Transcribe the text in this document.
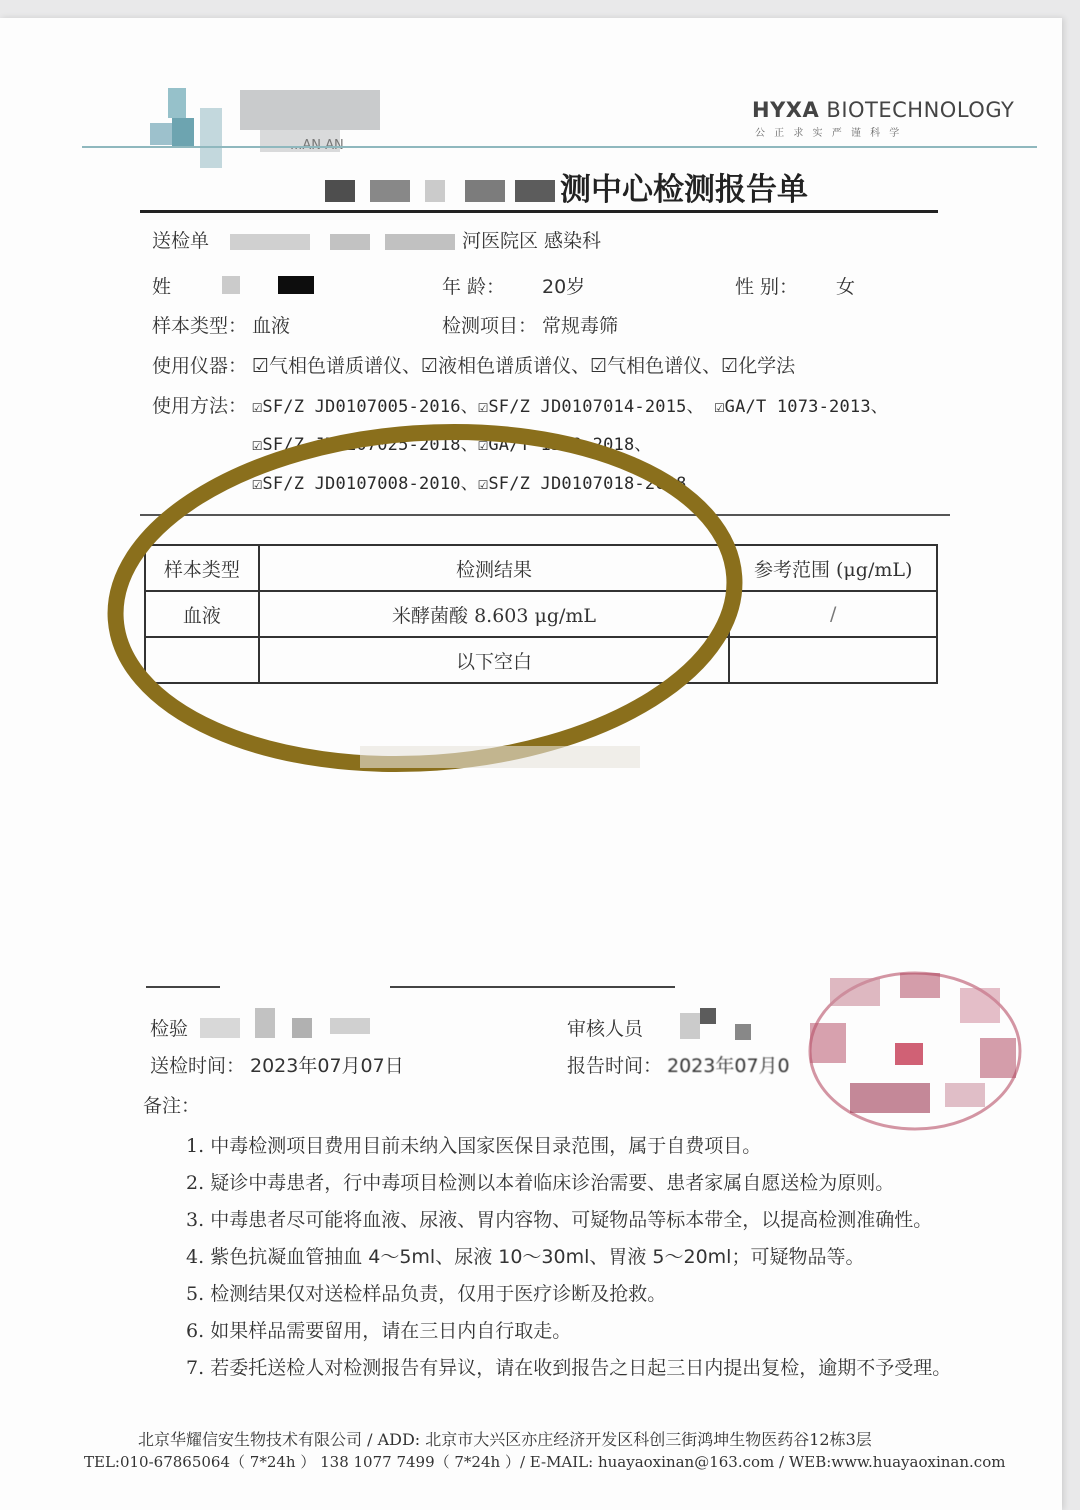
...AN AN
HYXA BIOTECHNOLOGY
公 正 求 实 严 谨 科 学
测中心检测报告单
送检单	河医院区 感染科
姓	年 龄： 20岁	性 别： 女
样本类型： 血液	检测项目： 常规毒筛
使用仪器： ☑气相色谱质谱仪、☑液相色谱质谱仪、☑气相色谱仪、☑化学法
使用方法： ☑SF/Z JD0107005-2016、☑SF/Z JD0107014-2015、 ☑GA/T 1073-2013、
☑SF/Z JD0107025-2018、☑GA/T 1530-2018、
☑SF/Z JD0107008-2010、☑SF/Z JD0107018-2018
样本类型	检测结果	参考范围 (μg/mL)
血液	米酵菌酸 8.603 μg/mL	/
	以下空白	
检验	审核人员
送检时间： 2023年07月07日	报告时间： 2023年07月0
备注：
1. 中毒检测项目费用目前未纳入国家医保目录范围，属于自费项目。
2. 疑诊中毒患者，行中毒项目检测以本着临床诊治需要、患者家属自愿送检为原则。
3. 中毒患者尽可能将血液、尿液、胃内容物、可疑物品等标本带全，以提高检测准确性。
4. 紫色抗凝血管抽血 4～5ml、尿液 10～30ml、胃液 5～20ml；可疑物品等。
5. 检测结果仅对送检样品负责，仅用于医疗诊断及抢救。
6. 如果样品需要留用，请在三日内自行取走。
7. 若委托送检人对检测报告有异议，请在收到报告之日起三日内提出复检，逾期不予受理。
北京华耀信安生物技术有限公司 / ADD: 北京市大兴区亦庄经济开发区科创三街鸿坤生物医药谷12栋3层
TEL:010-67865064（ 7*24h ） 138 1077 7499（ 7*24h ）/ E-MAIL: huayaoxinan@163.com / WEB:www.huayaoxinan.com
